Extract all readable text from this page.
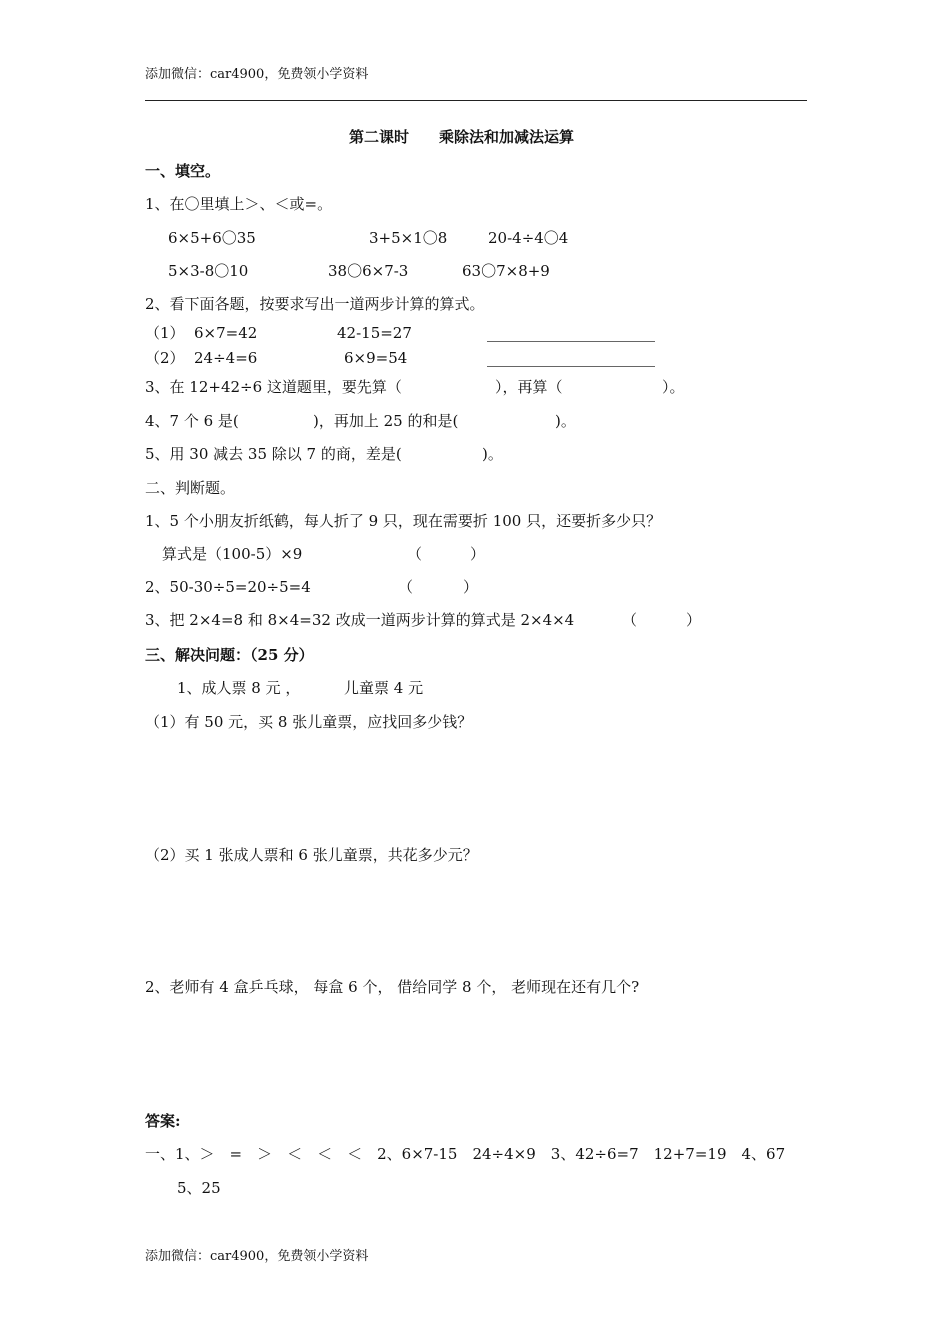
添加微信：car4900，免费领小学资料
第二课时　　乘除法和加减法运算
一、填空。
1、在〇里填上＞、＜或=。
6×5+6〇35	3+5×1〇8	20-4÷4〇4
5×3-8〇10	38〇6×7-3	63〇7×8+9
2、看下面各题，按要求写出一道两步计算的算式。
（1） 6×7=42	42-15=27
（2） 24÷4=6	6×9=54
3、在 12+42÷6 这道题里，要先算（	），再算（	）。
4、7 个 6 是(	)，再加上 25 的和是(	)。
5、用 30 减去 35 除以 7 的商，差是(	)。
二、判断题。
1、5 个小朋友折纸鹤，每人折了 9 只，现在需要折 100 只，还要折多少只？
算式是（100-5）×9	（	）
2、50-30÷5=20÷5=4	（	）
3、把 2×4=8 和 8×4=32 改成一道两步计算的算式是 2×4×4	（	）
三、解决问题：（25 分）
1、成人票 8 元 ，	儿童票 4 元
（1）有 50 元，买 8 张儿童票，应找回多少钱？
（2）买 1 张成人票和 6 张儿童票，共花多少元？
2、老师有 4 盒乒乓球， 每盒 6 个， 借给同学 8 个， 老师现在还有几个?
答案:
一、1、＞　=　＞　＜　＜　＜　2、6×7-15　24÷4×9　3、42÷6=7　12+7=19　4、67
5、25
添加微信：car4900，免费领小学资料
